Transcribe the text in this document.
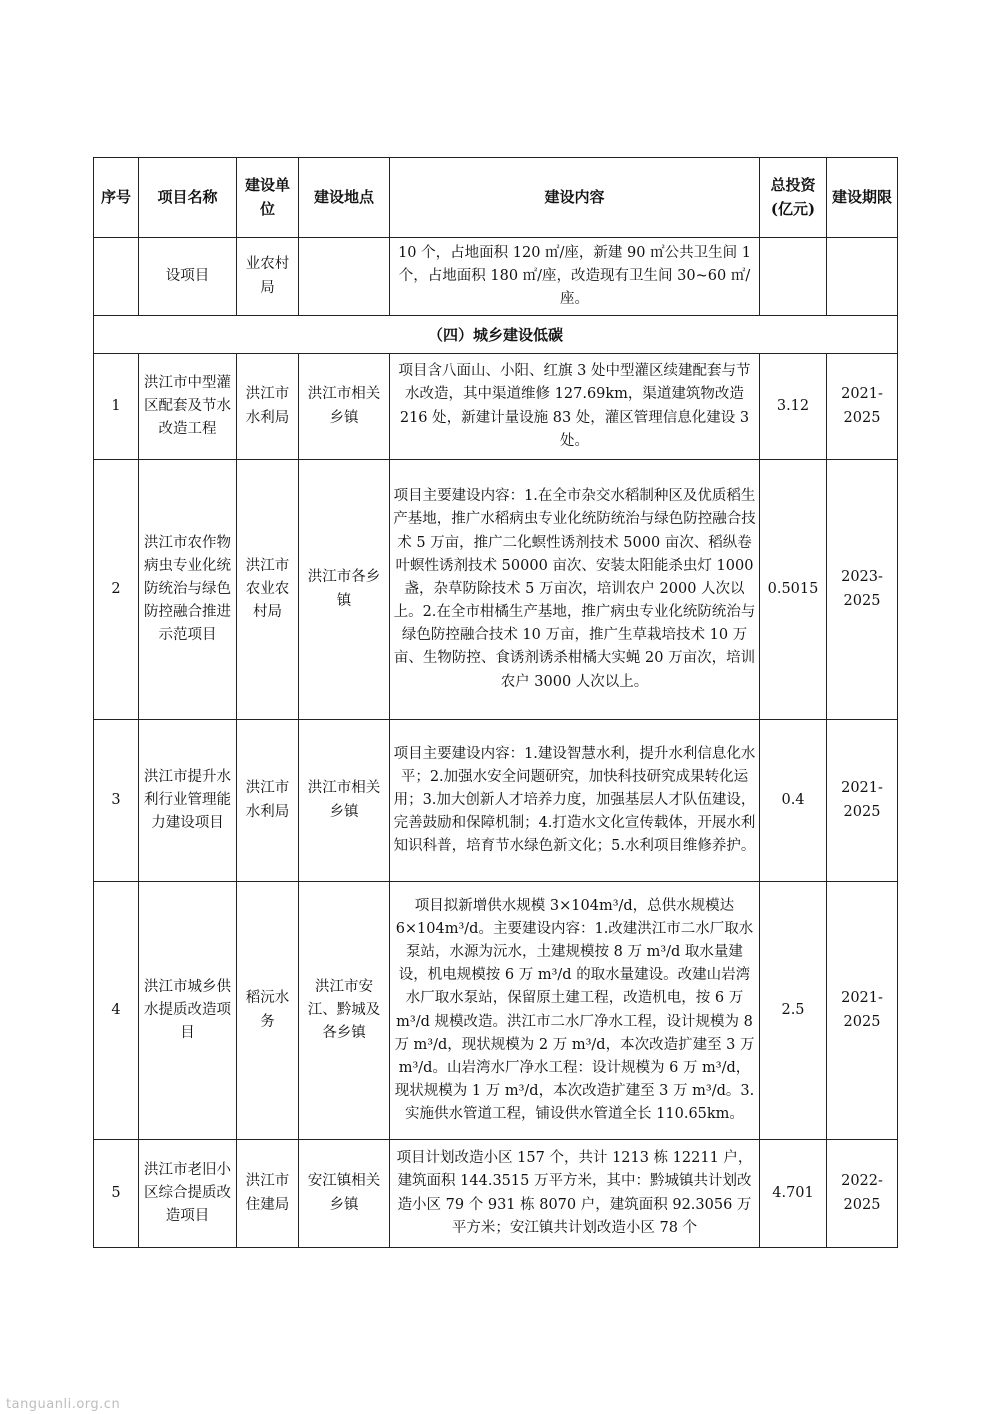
序号	项目名称	建设单位	建设地点	建设内容	总投资(亿元)	建设期限
	设项目	业农村局		10 个，占地面积 120 ㎡/座，新建 90 ㎡公共卫生间 1 个，占地面积 180 ㎡/座，改造现有卫生间 30~60 ㎡/座。		
（四）城乡建设低碳						
1	洪江市中型灌区配套及节水改造工程	洪江市水利局	洪江市相关乡镇	项目含八面山、小阳、红旗 3 处中型灌区续建配套与节水改造，其中渠道维修 127.69km，渠道建筑物改造 216 处，新建计量设施 83 处，灌区管理信息化建设 3 处。	3.12	2021-2025
2	洪江市农作物病虫专业化统防统治与绿色防控融合推进示范项目	洪江市农业农村局	洪江市各乡镇	项目主要建设内容：1.在全市杂交水稻制种区及优质稻生产基地，推广水稻病虫专业化统防统治与绿色防控融合技术 5 万亩，推广二化螟性诱剂技术 5000 亩次、稻纵卷叶螟性诱剂技术 50000 亩次、安装太阳能杀虫灯 1000 盏，杂草防除技术 5 万亩次，培训农户 2000 人次以上。2.在全市柑橘生产基地，推广病虫专业化统防统治与绿色防控融合技术 10 万亩，推广生草栽培技术 10 万亩、生物防控、食诱剂诱杀柑橘大实蝇 20 万亩次，培训农户 3000 人次以上。	0.5015	2023-2025
3	洪江市提升水利行业管理能力建设项目	洪江市水利局	洪江市相关乡镇	项目主要建设内容：1.建设智慧水利，提升水利信息化水平；2.加强水安全问题研究，加快科技研究成果转化运用；3.加大创新人才培养力度，加强基层人才队伍建设，完善鼓励和保障机制；4.打造水文化宣传载体，开展水利知识科普，培育节水绿色新文化；5.水利项目维修养护。	0.4	2021-2025
4	洪江市城乡供水提质改造项目	稻沅水务	洪江市安江、黔城及各乡镇	项目拟新增供水规模 3×104m³/d，总供水规模达 6×104m³/d。主要建设内容：1.改建洪江市二水厂取水泵站，水源为沅水，土建规模按 8 万 m³/d 取水量建设，机电规模按 6 万 m³/d 的取水量建设。改建山岩湾水厂取水泵站，保留原土建工程，改造机电，按 6 万 m³/d 规模改造。洪江市二水厂净水工程，设计规模为 8 万 m³/d，现状规模为 2 万 m³/d，本次改造扩建至 3 万 m³/d。山岩湾水厂净水工程：设计规模为 6 万 m³/d，现状规模为 1 万 m³/d，本次改造扩建至 3 万 m³/d。3.实施供水管道工程，铺设供水管道全长 110.65km。	2.5	2021-2025
5	洪江市老旧小区综合提质改造项目	洪江市住建局	安江镇相关乡镇	项目计划改造小区 157 个，共计 1213 栋 12211 户，建筑面积 144.3515 万平方米，其中：黔城镇共计划改造小区 79 个 931 栋 8070 户，建筑面积 92.3056 万平方米；安江镇共计划改造小区 78 个	4.701	2022-2025
tanguanli.org.cn
